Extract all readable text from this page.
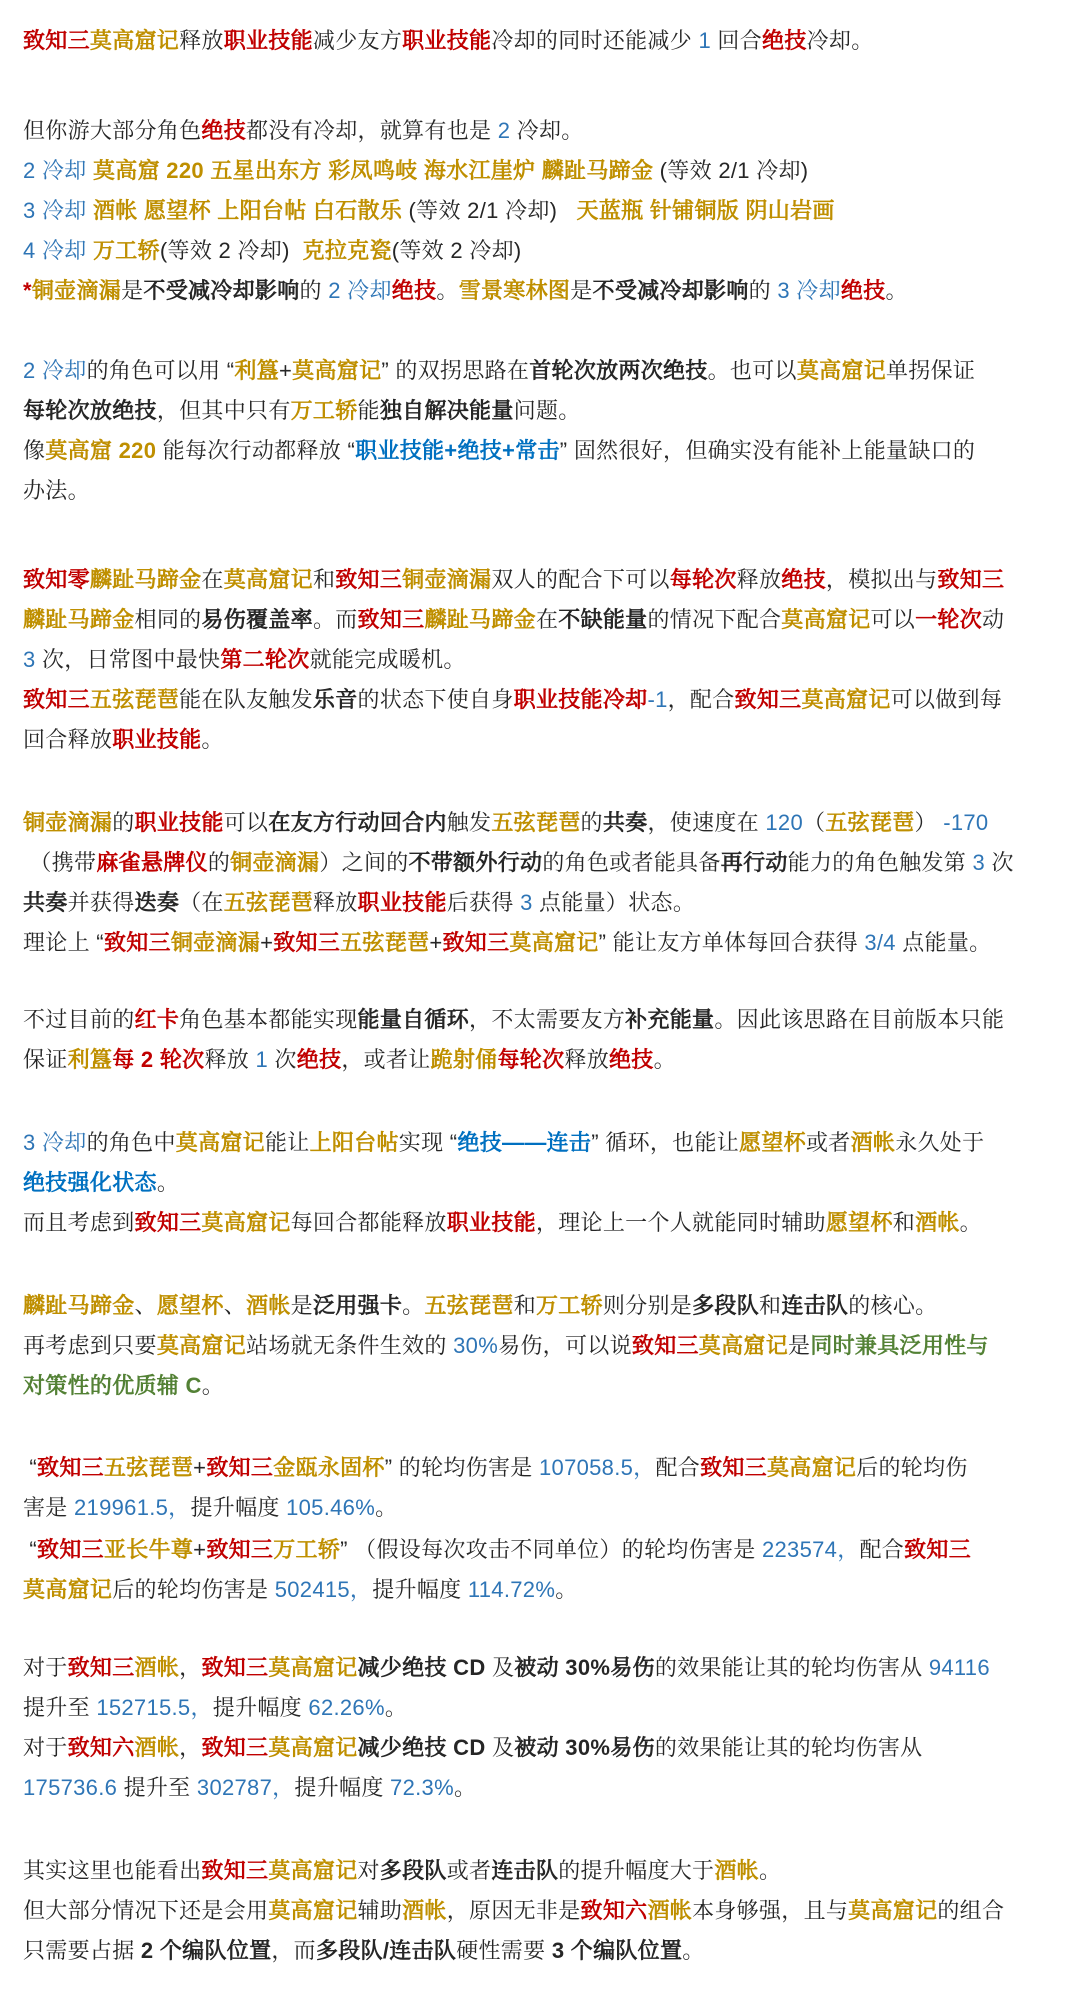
致知三莫高窟记释放职业技能减少友方职业技能冷却的同时还能减少 1 回合绝技冷却。
但你游大部分角色绝技都没有冷却，就算有也是 2 冷却。
2 冷却 莫高窟 220 五星出东方 彩凤鸣岐 海水江崖炉 麟趾马蹄金 (等效 2/1 冷却)
3 冷却 酒帐 愿望杯 上阳台帖 白石散乐 (等效 2/1 冷却)   天蓝瓶 针铺铜版 阴山岩画
4 冷却 万工轿(等效 2 冷却)  克拉克瓷(等效 2 冷却)
*铜壶滴漏是不受减冷却影响的 2 冷却绝技。雪景寒林图是不受减冷却影响的 3 冷却绝技。
2 冷却的角色可以用 “利簋+莫高窟记” 的双拐思路在首轮次放两次绝技。也可以莫高窟记单拐保证
每轮次放绝技，但其中只有万工轿能独自解决能量问题。
像莫高窟 220 能每次行动都释放 “职业技能+绝技+常击” 固然很好，但确实没有能补上能量缺口的
办法。
致知零麟趾马蹄金在莫高窟记和致知三铜壶滴漏双人的配合下可以每轮次释放绝技，模拟出与致知三
麟趾马蹄金相同的易伤覆盖率。而致知三麟趾马蹄金在不缺能量的情况下配合莫高窟记可以一轮次动
3 次，日常图中最快第二轮次就能完成暖机。
致知三五弦琵琶能在队友触发乐音的状态下使自身职业技能冷却-1，配合致知三莫高窟记可以做到每
回合释放职业技能。
铜壶滴漏的职业技能可以在友方行动回合内触发五弦琵琶的共奏，使速度在 120（五弦琵琶） -170
（携带麻雀悬牌仪的铜壶滴漏）之间的不带额外行动的角色或者能具备再行动能力的角色触发第 3 次
共奏并获得迭奏（在五弦琵琶释放职业技能后获得 3 点能量）状态。
理论上 “致知三铜壶滴漏+致知三五弦琵琶+致知三莫高窟记” 能让友方单体每回合获得 3/4 点能量。
不过目前的红卡角色基本都能实现能量自循环，不太需要友方补充能量。因此该思路在目前版本只能
保证利簋每 2 轮次释放 1 次绝技，或者让跪射俑每轮次释放绝技。
3 冷却的角色中莫高窟记能让上阳台帖实现 “绝技——连击” 循环，也能让愿望杯或者酒帐永久处于
绝技强化状态。
而且考虑到致知三莫高窟记每回合都能释放职业技能，理论上一个人就能同时辅助愿望杯和酒帐。
麟趾马蹄金、愿望杯、酒帐是泛用强卡。五弦琵琶和万工轿则分别是多段队和连击队的核心。
再考虑到只要莫高窟记站场就无条件生效的 30%易伤，可以说致知三莫高窟记是同时兼具泛用性与
对策性的优质辅 C。
“致知三五弦琵琶+致知三金瓯永固杯” 的轮均伤害是 107058.5，配合致知三莫高窟记后的轮均伤
害是 219961.5，提升幅度 105.46%。
“致知三亚长牛尊+致知三万工轿” （假设每次攻击不同单位）的轮均伤害是 223574，配合致知三
莫高窟记后的轮均伤害是 502415，提升幅度 114.72%。
对于致知三酒帐，致知三莫高窟记减少绝技 CD 及被动 30%易伤的效果能让其的轮均伤害从 94116
提升至 152715.5，提升幅度 62.26%。
对于致知六酒帐，致知三莫高窟记减少绝技 CD 及被动 30%易伤的效果能让其的轮均伤害从
175736.6 提升至 302787，提升幅度 72.3%。
其实这里也能看出致知三莫高窟记对多段队或者连击队的提升幅度大于酒帐。
但大部分情况下还是会用莫高窟记辅助酒帐，原因无非是致知六酒帐本身够强，且与莫高窟记的组合
只需要占据 2 个编队位置，而多段队/连击队硬性需要 3 个编队位置。
